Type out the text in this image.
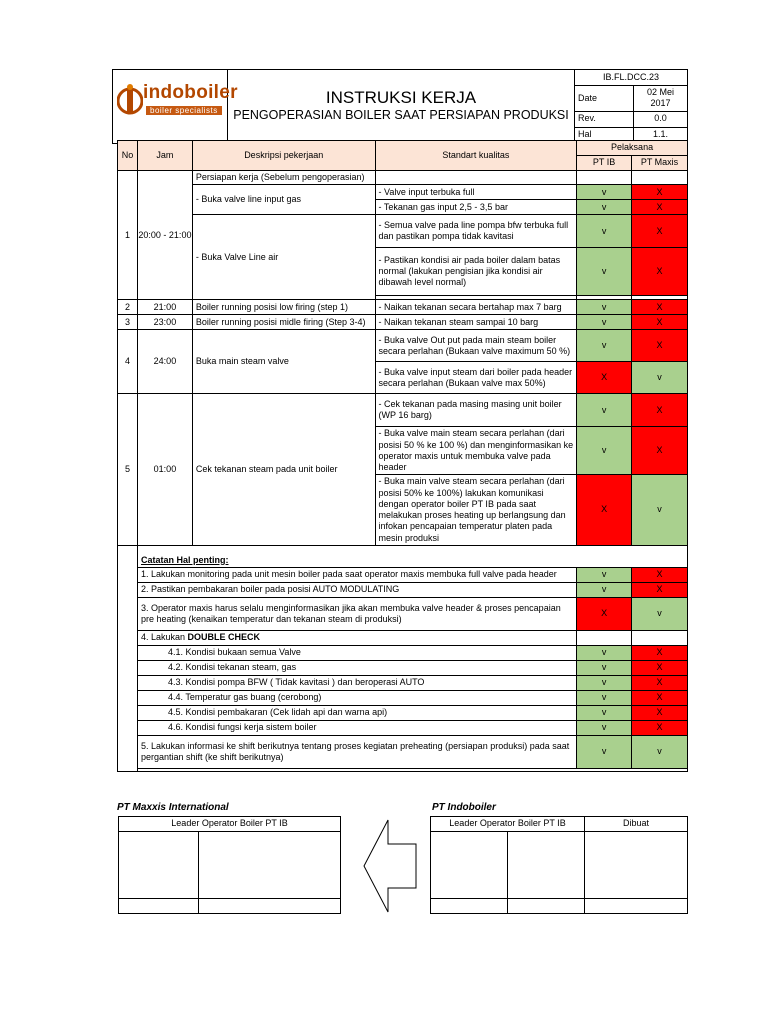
	INSTRUKSI KERJA
PENGOPERASIAN BOILER SAAT PERSIAPAN PRODUKSI	IB.FL.DCC.23	
		Date	02 Mei 2017
		Rev.	0.0
		Hal	1.1.
indoboiler
boiler specialists
No	Jam	Deskripsi pekerjaan	Standart kualitas	Pelaksana	
				PT IB	PT Maxis
1	20:00 - 21:00	Persiapan kerja (Sebelum pengoperasian)			
		- Buka valve line input gas	- Valve input terbuka full	v	X
			- Tekanan gas input 2,5 - 3,5 bar	v	X
		- Buka Valve Line air	- Semua valve pada line pompa bfw terbuka full dan pastikan pompa tidak kavitasi	v	X
			- Pastikan kondisi air pada boiler dalam batas normal (lakukan pengisian jika kondisi air dibawah level normal)	v	X

2	21:00	Boiler running posisi low firing (step 1)	- Naikan tekanan secara bertahap max 7 barg	v	X
3	23:00	Boiler running posisi midle firing (Step 3-4)	- Naikan tekanan steam sampai 10 barg	v	X
4	24:00	Buka main steam valve	- Buka valve Out put pada main steam boiler secara perlahan (Bukaan valve maximum 50 %)	v	X
			- Buka valve input steam dari boiler pada header secara perlahan (Bukaan valve max 50%)	X	v
5	01:00	Cek tekanan steam pada unit boiler	- Cek tekanan pada masing masing unit boiler (WP 16 barg)	v	X
			- Buka valve main steam secara perlahan (dari posisi 50 % ke 100 %) dan menginformasikan ke operator maxis untuk membuka valve pada header	v	X
			- Buka main valve steam secara perlahan (dari posisi 50% ke 100%) lakukan komunikasi dengan operator boiler PT IB pada saat melakukan proses heating up berlangsung dan infokan pencapaian temperatur platen pada mesin produksi	X	v
	Catatan Hal penting:				
	1. Lakukan monitoring pada unit mesin boiler pada saat operator maxis membuka full valve pada header			v	X
	2. Pastikan pembakaran boiler pada posisi AUTO MODULATING			v	X
	3. Operator maxis harus selalu menginformasikan jika akan membuka valve header & proses pencapaian pre heating (kenaikan temperatur dan tekanan steam di produksi)			X	v
	4. Lakukan DOUBLE CHECK				
	4.1. Kondisi bukaan semua Valve			v	X
	4.2. Kondisi tekanan steam, gas			v	X
	4.3. Kondisi pompa BFW ( Tidak kavitasi ) dan beroperasi AUTO			v	X
	4.4. Temperatur gas buang (cerobong)			v	X
	4.5. Kondisi pembakaran (Cek lidah api dan warna api)			v	X
	4.6. Kondisi fungsi kerja sistem boiler			v	X
	5. Lakukan informasi ke shift berikutnya tentang proses kegiatan preheating (persiapan produksi) pada saat pergantian shift (ke shift berikutnya)			v	v

PT Maxxis International	PT Indoboiler
Leader Operator Boiler PT IB	

		Leader Operator Boiler PT IB		Dibuat
